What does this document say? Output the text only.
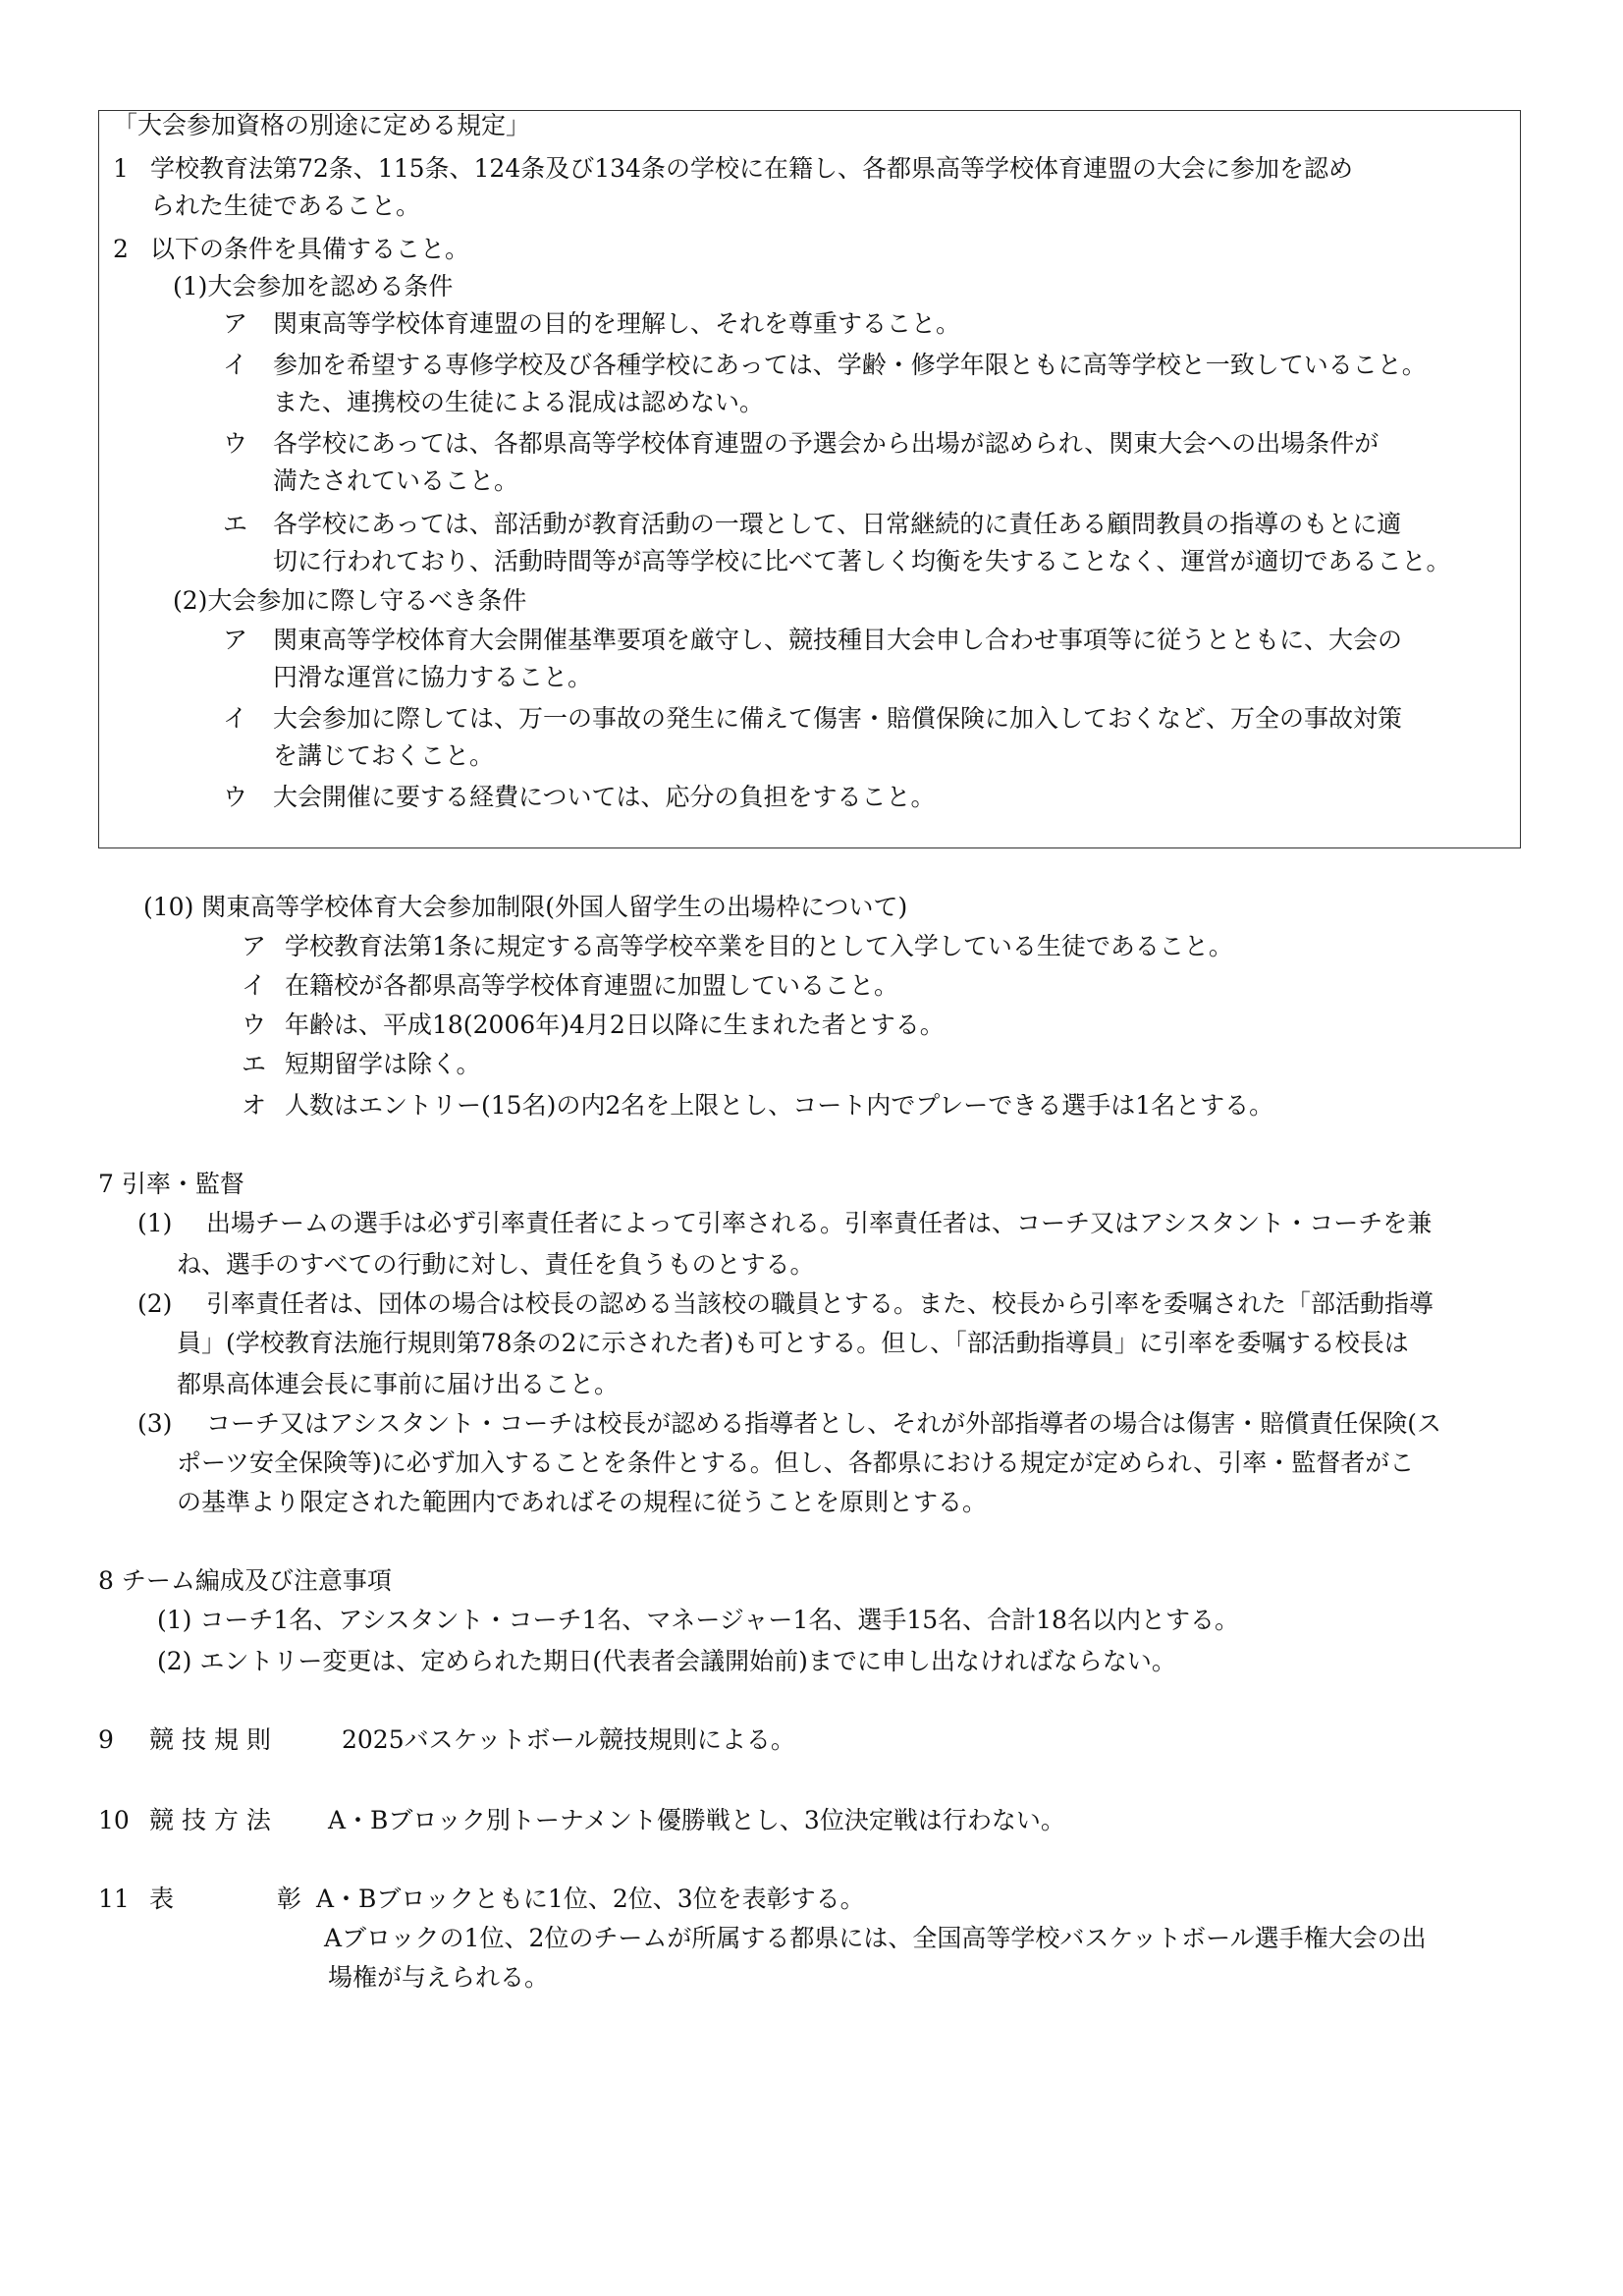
「大会参加資格の別途に定める規定」
1 学校教育法第72条、115条、124条及び134条の学校に在籍し、各都県高等学校体育連盟の大会に参加を認め
られた生徒であること。
2 以下の条件を具備すること。
(1)大会参加を認める条件
ア 関東高等学校体育連盟の目的を理解し、それを尊重すること。
イ 参加を希望する専修学校及び各種学校にあっては、学齢・修学年限ともに高等学校と一致していること。
また、連携校の生徒による混成は認めない。
ウ 各学校にあっては、各都県高等学校体育連盟の予選会から出場が認められ、関東大会への出場条件が
満たされていること。
エ 各学校にあっては、部活動が教育活動の一環として、日常継続的に責任ある顧問教員の指導のもとに適
切に行われており、活動時間等が高等学校に比べて著しく均衡を失することなく、運営が適切であること。
(2)大会参加に際し守るべき条件
ア 関東高等学校体育大会開催基準要項を厳守し、競技種目大会申し合わせ事項等に従うとともに、大会の
円滑な運営に協力すること。
イ 大会参加に際しては、万一の事故の発生に備えて傷害・賠償保険に加入しておくなど、万全の事故対策
を講じておくこと。
ウ 大会開催に要する経費については、応分の負担をすること。
(10) 関東高等学校体育大会参加制限(外国人留学生の出場枠について)
ア 学校教育法第1条に規定する高等学校卒業を目的として入学している生徒であること。
イ 在籍校が各都県高等学校体育連盟に加盟していること。
ウ 年齢は、平成18(2006年)4月2日以降に生まれた者とする。
エ 短期留学は除く。
オ 人数はエントリー(15名)の内2名を上限とし、コート内でプレーできる選手は1名とする。
7 引率・監督
(1) 出場チームの選手は必ず引率責任者によって引率される。引率責任者は、コーチ又はアシスタント・コーチを兼
ね、選手のすべての行動に対し、責任を負うものとする。
(2) 引率責任者は、団体の場合は校長の認める当該校の職員とする。また、校長から引率を委嘱された「部活動指導
員」(学校教育法施行規則第78条の2に示された者)も可とする。但し、「部活動指導員」に引率を委嘱する校長は
都県高体連会長に事前に届け出ること。
(3) コーチ又はアシスタント・コーチは校長が認める指導者とし、それが外部指導者の場合は傷害・賠償責任保険(ス
ポーツ安全保険等)に必ず加入することを条件とする。但し、各都県における規定が定められ、引率・監督者がこ
の基準より限定された範囲内であればその規程に従うことを原則とする。
8 チーム編成及び注意事項
(1) コーチ1名、アシスタント・コーチ1名、マネージャー1名、選手15名、合計18名以内とする。
(2) エントリー変更は、定められた期日(代表者会議開始前)までに申し出なければならない。
9 競 技 規 則	2025バスケットボール競技規則による。
10 競 技 方 法 A・Bブロック別トーナメント優勝戦とし、3位決定戦は行わない。
11 表	彰 A・Bブロックともに1位、2位、3位を表彰する。
Aブロックの1位、2位のチームが所属する都県には、全国高等学校バスケットボール選手権大会の出
場権が与えられる。
